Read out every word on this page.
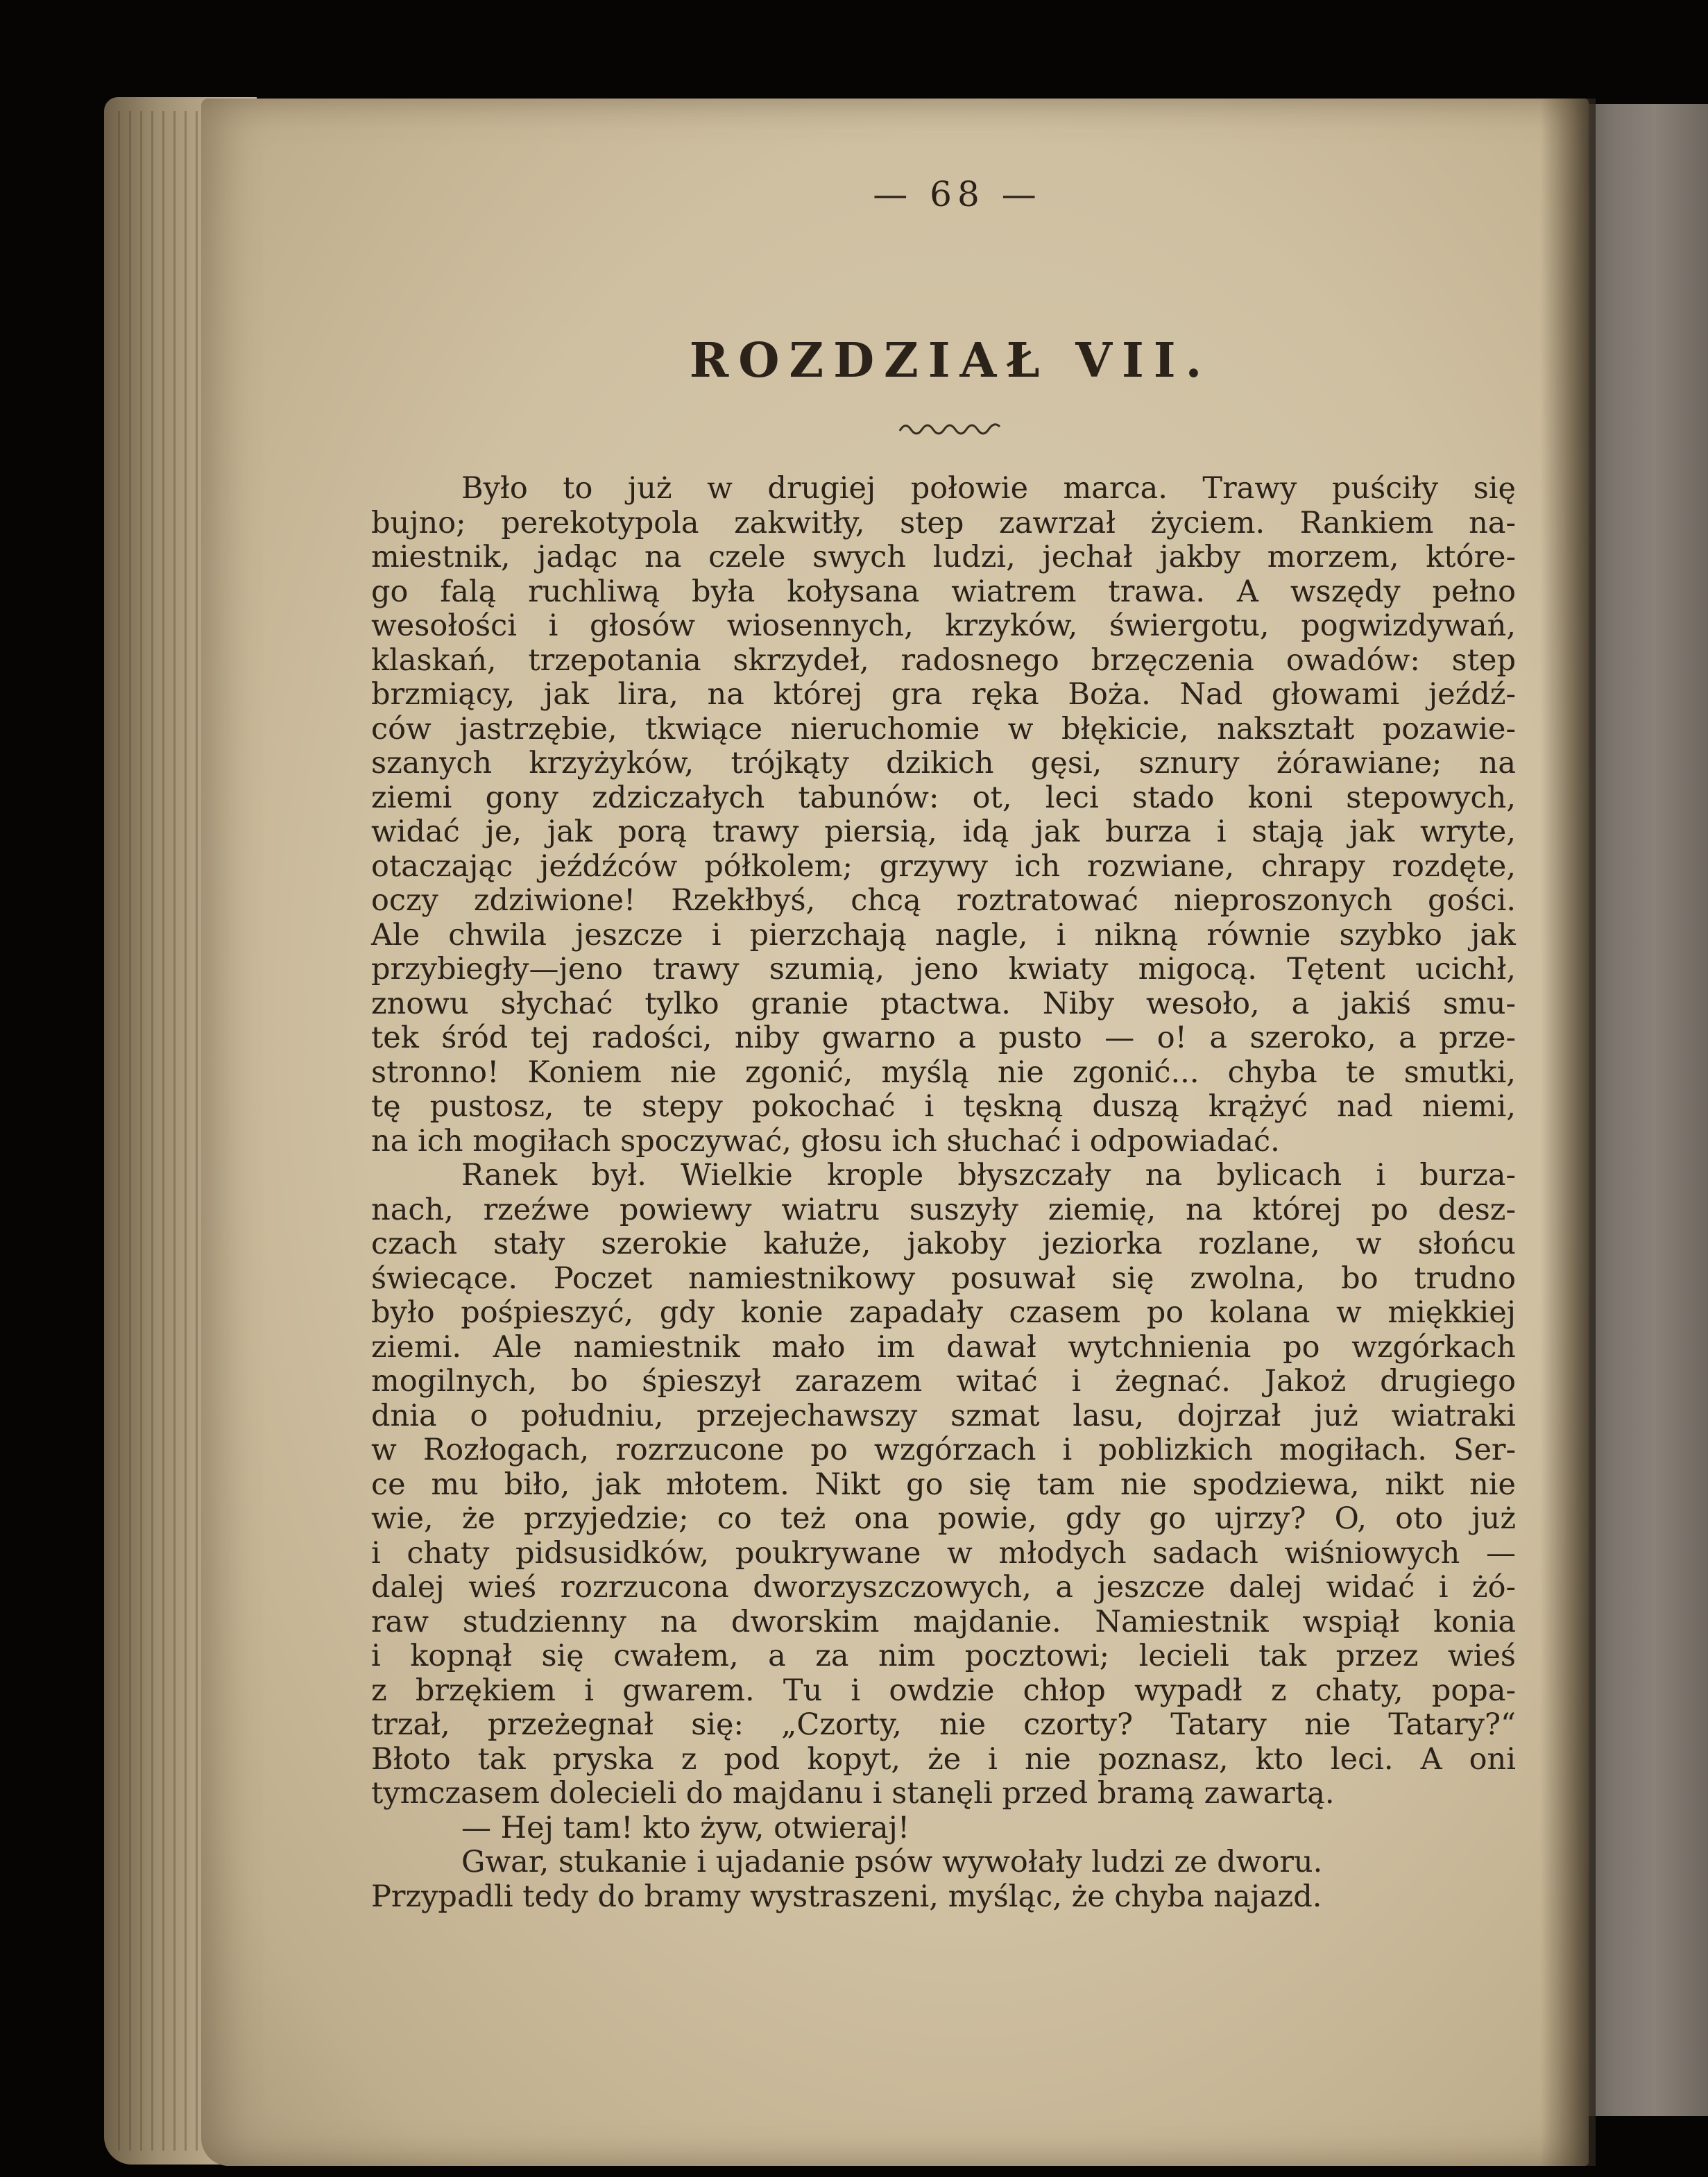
— 68 —

ROZDZIAŁ VII.
Było to już w drugiej połowie marca. Trawy puściły się
bujno; perekotypola zakwitły, step zawrzał życiem. Rankiem na-
miestnik, jadąc na czele swych ludzi, jechał jakby morzem, które-
go falą ruchliwą była kołysana wiatrem trawa. A wszędy pełno
wesołości i głosów wiosennych, krzyków, świergotu, pogwizdywań,
klaskań, trzepotania skrzydeł, radosnego brzęczenia owadów: step
brzmiący, jak lira, na której gra ręka Boża. Nad głowami jeźdź-
ców jastrzębie, tkwiące nieruchomie w błękicie, nakształt pozawie-
szanych krzyżyków, trójkąty dzikich gęsi, sznury żórawiane; na
ziemi gony zdziczałych tabunów: ot, leci stado koni stepowych,
widać je, jak porą trawy piersią, idą jak burza i stają jak wryte,
otaczając jeźdźców półkolem; grzywy ich rozwiane, chrapy rozdęte,
oczy zdziwione! Rzekłbyś, chcą roztratować nieproszonych gości.
Ale chwila jeszcze i pierzchają nagle, i nikną równie szybko jak
przybiegły—jeno trawy szumią, jeno kwiaty migocą. Tętent ucichł,
znowu słychać tylko granie ptactwa. Niby wesoło, a jakiś smu-
tek śród tej radości, niby gwarno a pusto — o! a szeroko, a prze-
stronno! Koniem nie zgonić, myślą nie zgonić... chyba te smutki,
tę pustosz, te stepy pokochać i tęskną duszą krążyć nad niemi,
na ich mogiłach spoczywać, głosu ich słuchać i odpowiadać.
Ranek był. Wielkie krople błyszczały na bylicach i burza-
nach, rzeźwe powiewy wiatru suszyły ziemię, na której po desz-
czach stały szerokie kałuże, jakoby jeziorka rozlane, w słońcu
świecące. Poczet namiestnikowy posuwał się zwolna, bo trudno
było pośpieszyć, gdy konie zapadały czasem po kolana w miękkiej
ziemi. Ale namiestnik mało im dawał wytchnienia po wzgórkach
mogilnych, bo śpieszył zarazem witać i żegnać. Jakoż drugiego
dnia o południu, przejechawszy szmat lasu, dojrzał już wiatraki
w Rozłogach, rozrzucone po wzgórzach i poblizkich mogiłach. Ser-
ce mu biło, jak młotem. Nikt go się tam nie spodziewa, nikt nie
wie, że przyjedzie; co też ona powie, gdy go ujrzy? O, oto już
i chaty pidsusidków, poukrywane w młodych sadach wiśniowych —
dalej wieś rozrzucona dworzyszczowych, a jeszcze dalej widać i żó-
raw studzienny na dworskim majdanie. Namiestnik wspiął konia
i kopnął się cwałem, a za nim pocztowi; lecieli tak przez wieś
z brzękiem i gwarem. Tu i owdzie chłop wypadł z chaty, popa-
trzał, przeżegnał się: „Czorty, nie czorty? Tatary nie Tatary?“
Błoto tak pryska z pod kopyt, że i nie poznasz, kto leci. A oni
tymczasem dolecieli do majdanu i stanęli przed bramą zawartą.
— Hej tam! kto żyw, otwieraj!
Gwar, stukanie i ujadanie psów wywołały ludzi ze dworu.
Przypadli tedy do bramy wystraszeni, myśląc, że chyba najazd.
